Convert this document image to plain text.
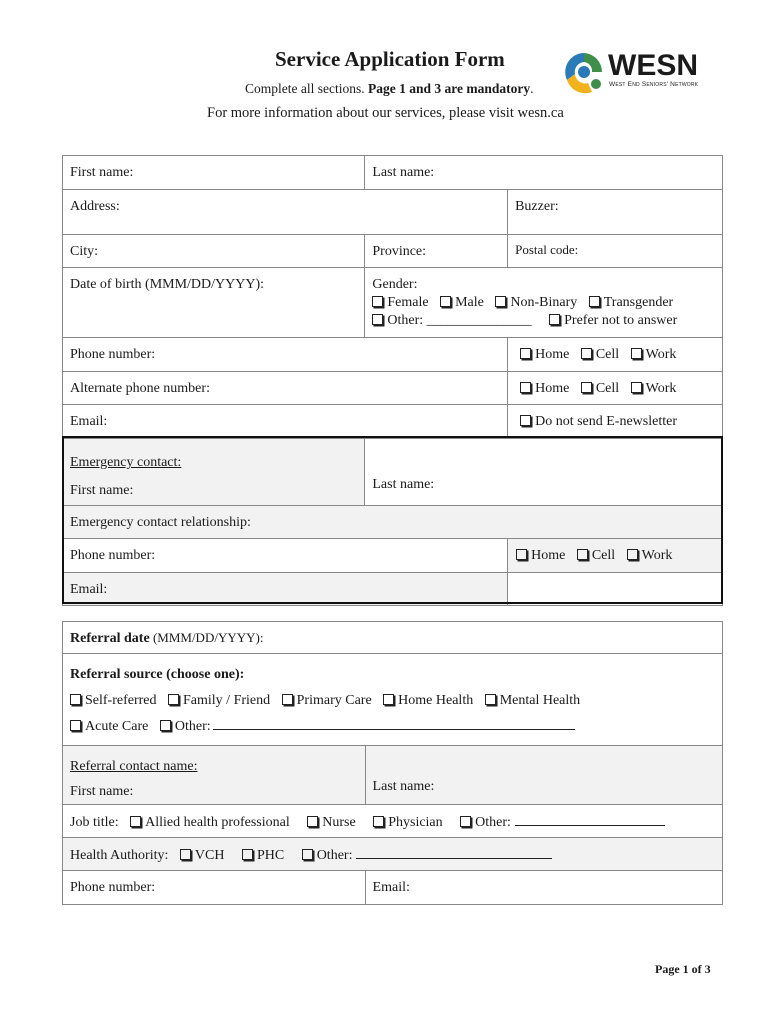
Service Application Form
Complete all sections. Page 1 and 3 are mandatory.
For more information about our services, please visit wesn.ca
WESN
West End Seniors' Network
First name:	Last name:	
Address:		Buzzer:
City:	Province:	Postal code:
Date of birth (MMM/DD/YYYY):	Gender:
Female Male Non-Binary Transgender
Other: _______________ Prefer not to answer	

Phone number:		Home Cell Work
Alternate phone number:		Home Cell Work
Email:		Do not send E-newsletter

Emergency contact:
First name:	Last name:	
Emergency contact relationship:		
Phone number:		Home Cell Work
Email:		
Referral date (MMM/DD/YYYY):	

Referral source (choose one):
Self-referred Family / Friend Primary Care Home Health Mental Health
Acute Care Other:	

Referral contact name:
First name:	Last name:
Job title: Allied health professional Nurse Physician Other:	
Health Authority: VCH PHC Other:	
Phone number:	Email:
Page 1 of 3
